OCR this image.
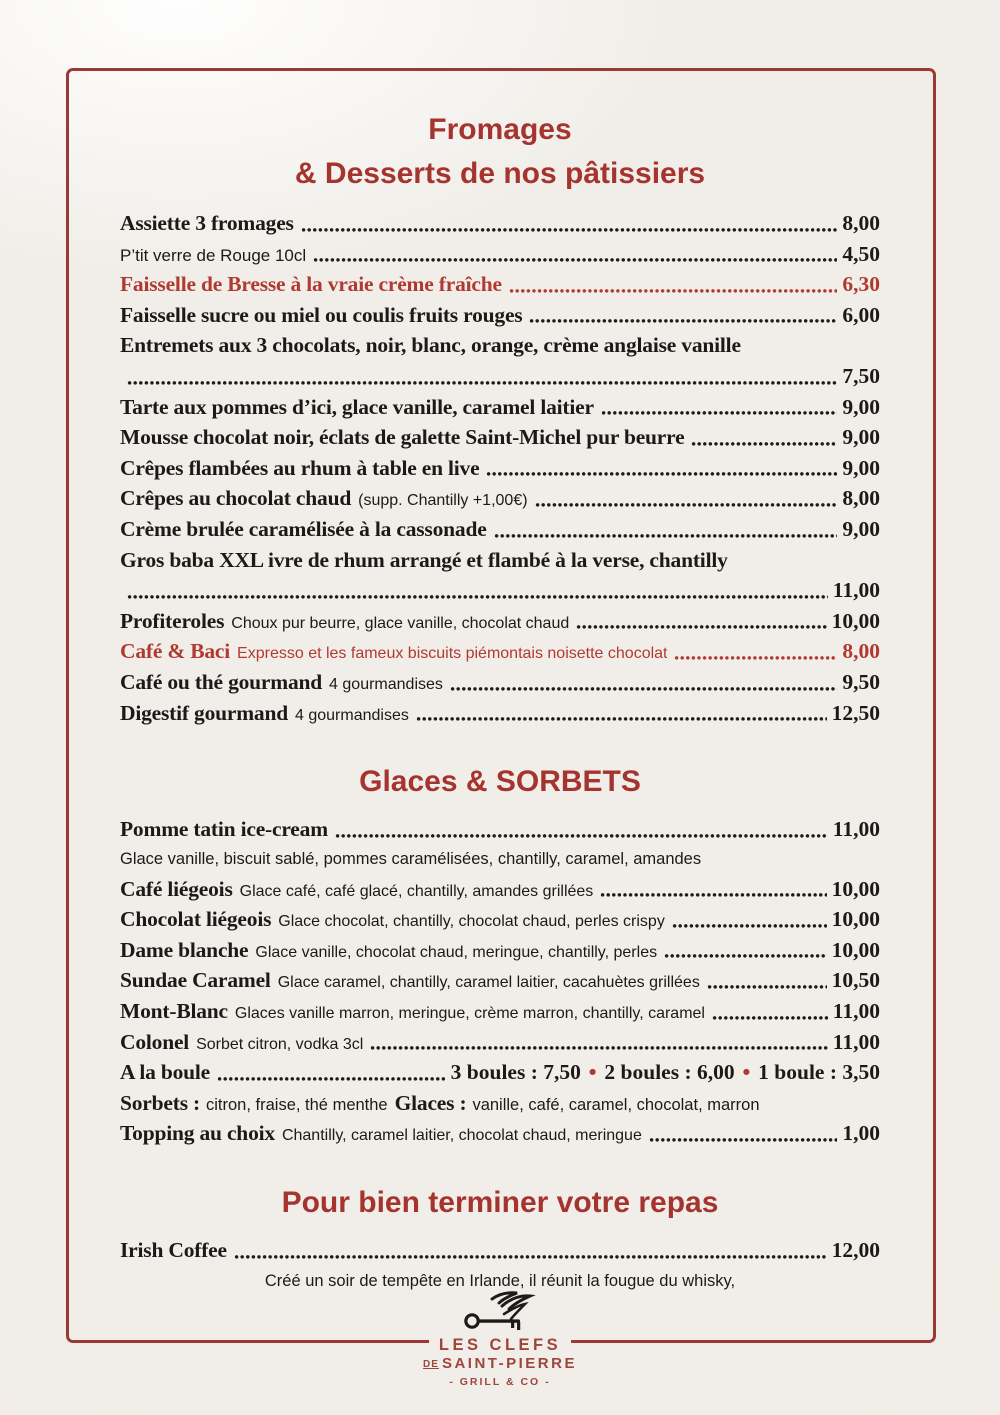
Fromages
& Desserts de nos pâtissiers
Assiette 3 fromages	8,00
P’tit verre de Rouge 10cl	4,50
Faisselle de Bresse à la vraie crème fraîche	6,30
Faisselle sucre ou miel ou coulis fruits rouges	6,00
Entremets aux 3 chocolats, noir, blanc, orange, crème anglaise vanille
7,50
Tarte aux pommes d’ici, glace vanille, caramel laitier	9,00
Mousse chocolat noir, éclats de galette Saint-Michel pur beurre	9,00
Crêpes flambées au rhum à table en live	9,00
Crêpes au chocolat chaud (supp. Chantilly +1,00€)	8,00
Crème brulée caramélisée à la cassonade	9,00
Gros baba XXL ivre de rhum arrangé et flambé à la verse, chantilly
11,00
Profiteroles Choux pur beurre, glace vanille, chocolat chaud	10,00
Café & Baci Expresso et les fameux biscuits piémontais noisette chocolat	8,00
Café ou thé gourmand 4 gourmandises	9,50
Digestif gourmand 4 gourmandises	12,50
Glaces & SORBETS
Pomme tatin ice-cream	11,00
Glace vanille, biscuit sablé, pommes caramélisées, chantilly, caramel, amandes
Café liégeois Glace café, café glacé, chantilly, amandes grillées	10,00
Chocolat liégeois Glace chocolat, chantilly, chocolat chaud, perles crispy	10,00
Dame blanche Glace vanille, chocolat chaud, meringue, chantilly, perles	10,00
Sundae Caramel Glace caramel, chantilly, caramel laitier, cacahuètes grillées	10,50
Mont-Blanc Glaces vanille marron, meringue, crème marron, chantilly, caramel	11,00
Colonel Sorbet citron, vodka 3cl	11,00
A la boule	3 boules : 7,50 • 2 boules : 6,00 • 1 boule : 3,50
Sorbets : citron, fraise, thé menthe Glaces : vanille, café, caramel, chocolat, marron
Topping au choix Chantilly, caramel laitier, chocolat chaud, meringue	1,00
Pour bien terminer votre repas
Irish Coffee	12,00
Créé un soir de tempête en Irlande, il réunit la fougue du whisky,
LES CLEFS
DE SAINT-PIERRE
- GRILL & CO -
